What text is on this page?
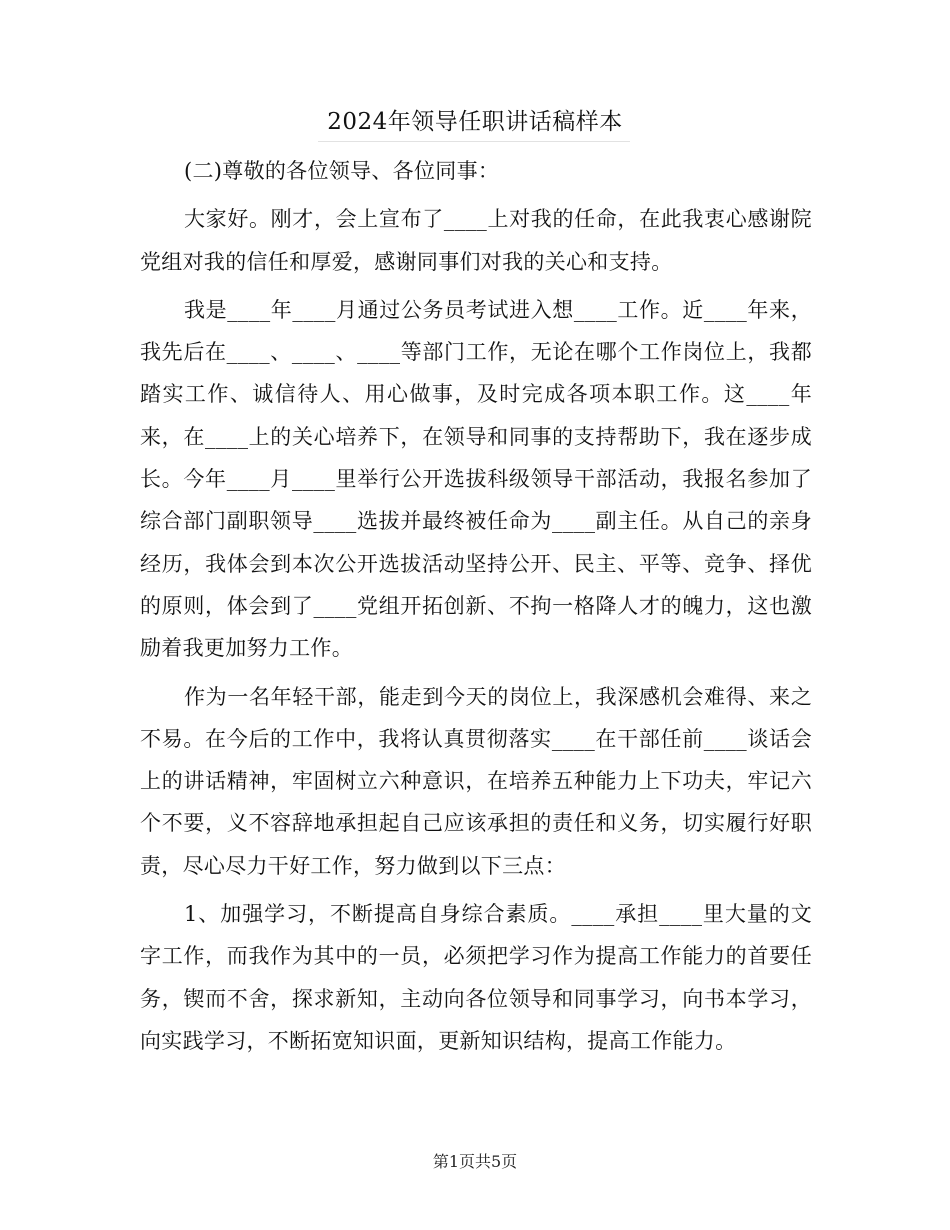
2024年领导任职讲话稿样本

(二)尊敬的各位领导、各位同事：

大家好。刚才，会上宣布了____上对我的任命，在此我衷心感谢院党组对我的信任和厚爱，感谢同事们对我的关心和支持。

我是____年____月通过公务员考试进入想____工作。近____年来，我先后在____、____、____等部门工作，无论在哪个工作岗位上，我都踏实工作、诚信待人、用心做事，及时完成各项本职工作。这____年来，在____上的关心培养下，在领导和同事的支持帮助下，我在逐步成长。今年____月____里举行公开选拔科级领导干部活动，我报名参加了综合部门副职领导____选拔并最终被任命为____副主任。从自己的亲身经历，我体会到本次公开选拔活动坚持公开、民主、平等、竞争、择优的原则，体会到了____党组开拓创新、不拘一格降人才的魄力，这也激励着我更加努力工作。

作为一名年轻干部，能走到今天的岗位上，我深感机会难得、来之不易。在今后的工作中，我将认真贯彻落实____在干部任前____谈话会上的讲话精神，牢固树立六种意识，在培养五种能力上下功夫，牢记六个不要，义不容辞地承担起自己应该承担的责任和义务，切实履行好职责，尽心尽力干好工作，努力做到以下三点：

1、加强学习，不断提高自身综合素质。____承担____里大量的文字工作，而我作为其中的一员，必须把学习作为提高工作能力的首要任务，锲而不舍，探求新知，主动向各位领导和同事学习，向书本学习，向实践学习，不断拓宽知识面，更新知识结构，提高工作能力。

第1页共5页
